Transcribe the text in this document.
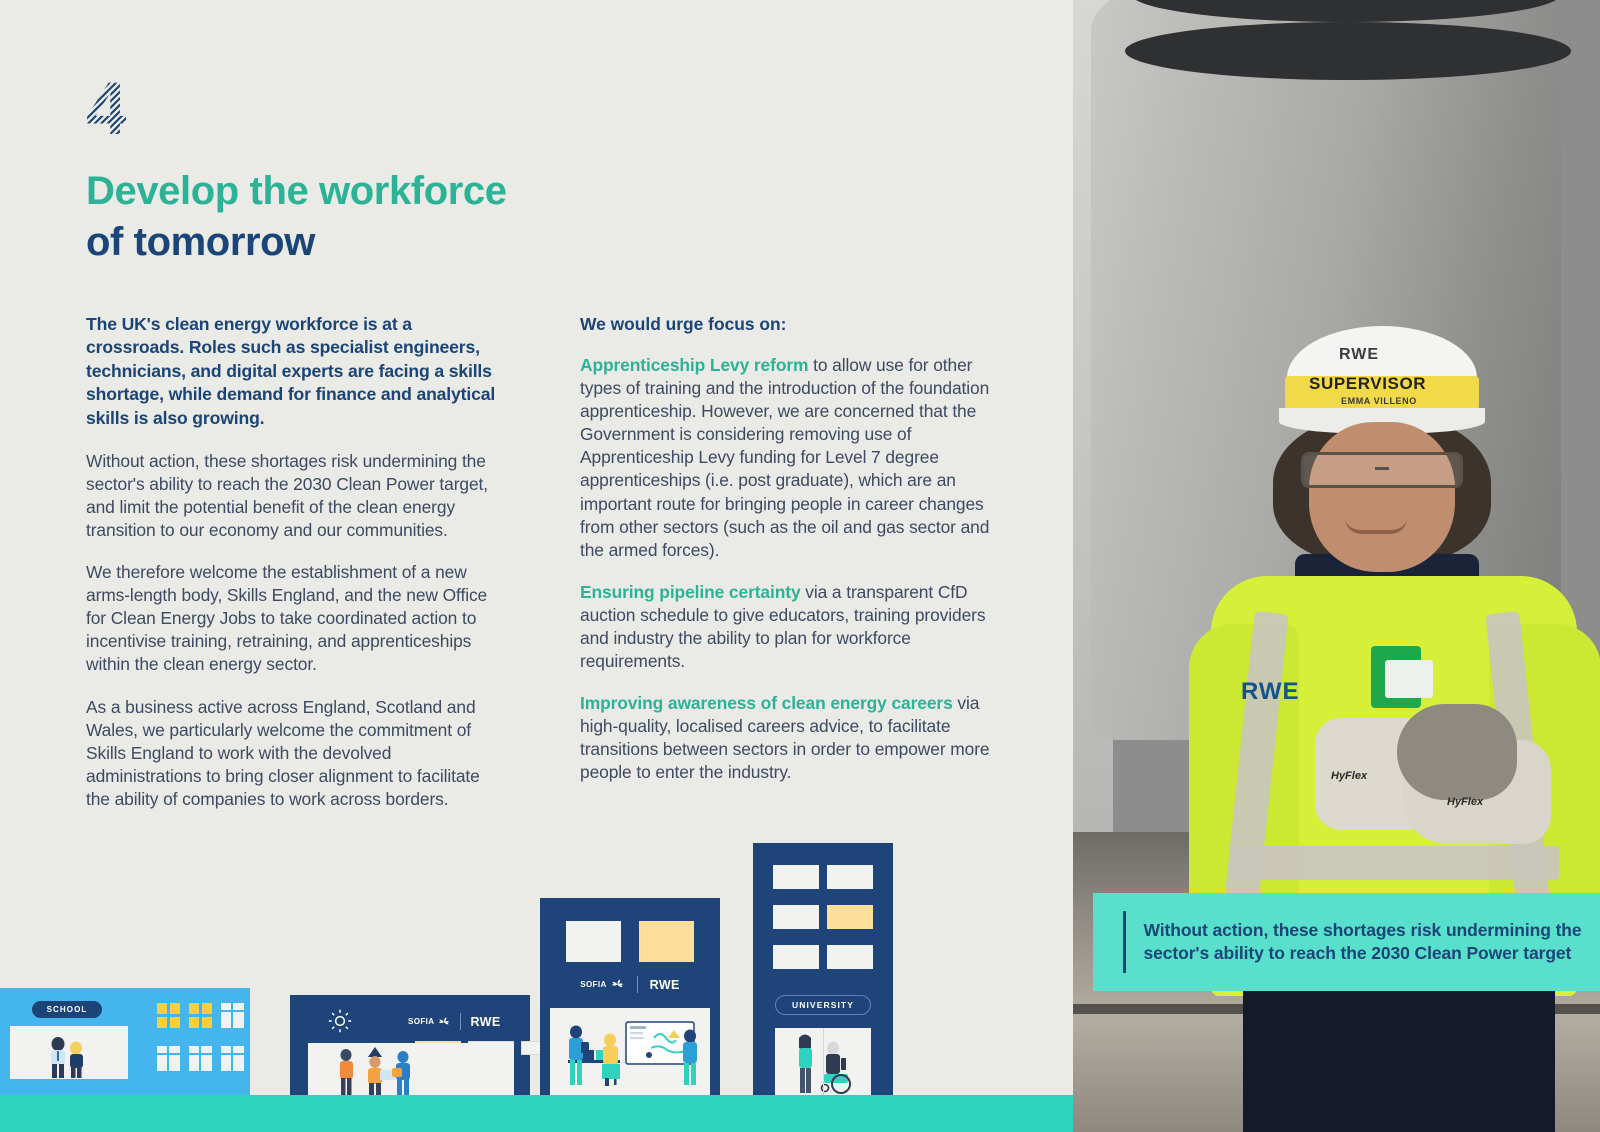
4
Develop the workforce
of tomorrow

The UK's clean energy workforce is at a crossroads. Roles such as specialist engineers, technicians, and digital experts are facing a skills shortage, while demand for finance and analytical skills is also growing.

Without action, these shortages risk undermining the sector's ability to reach the 2030 Clean Power target, and limit the potential benefit of the clean energy transition to our economy and our communities.

We therefore welcome the establishment of a new arms-length body, Skills England, and the new Office for Clean Energy Jobs to take coordinated action to incentivise training, retraining, and apprenticeships within the clean energy sector.

As a business active across England, Scotland and Wales, we particularly welcome the commitment of Skills England to work with the devolved administrations to bring closer alignment to facilitate the ability of companies to work across borders.

We would urge focus on:

Apprenticeship Levy reform to allow use for other types of training and the introduction of the foundation apprenticeship. However, we are concerned that the Government is considering removing use of Apprenticeship Levy funding for Level 7 degree apprenticeships (i.e. post graduate), which are an important route for bringing people in career changes from other sectors (such as the oil and gas sector and the armed forces).

Ensuring pipeline certainty via a transparent CfD auction schedule to give educators, training providers and industry the ability to plan for workforce requirements.

Improving awareness of clean energy careers via high-quality, localised careers advice, to facilitate transitions between sectors in order to empower more people to enter the industry.

SCHOOL
SOFIA	RWE
SOFIA	RWE
UNIVERSITY
RWE
SUPERVISOR
EMMA VILLENO
RWE
HyFlex
HyFlex
Without action, these shortages risk undermining the sector's ability to reach the 2030 Clean Power target
